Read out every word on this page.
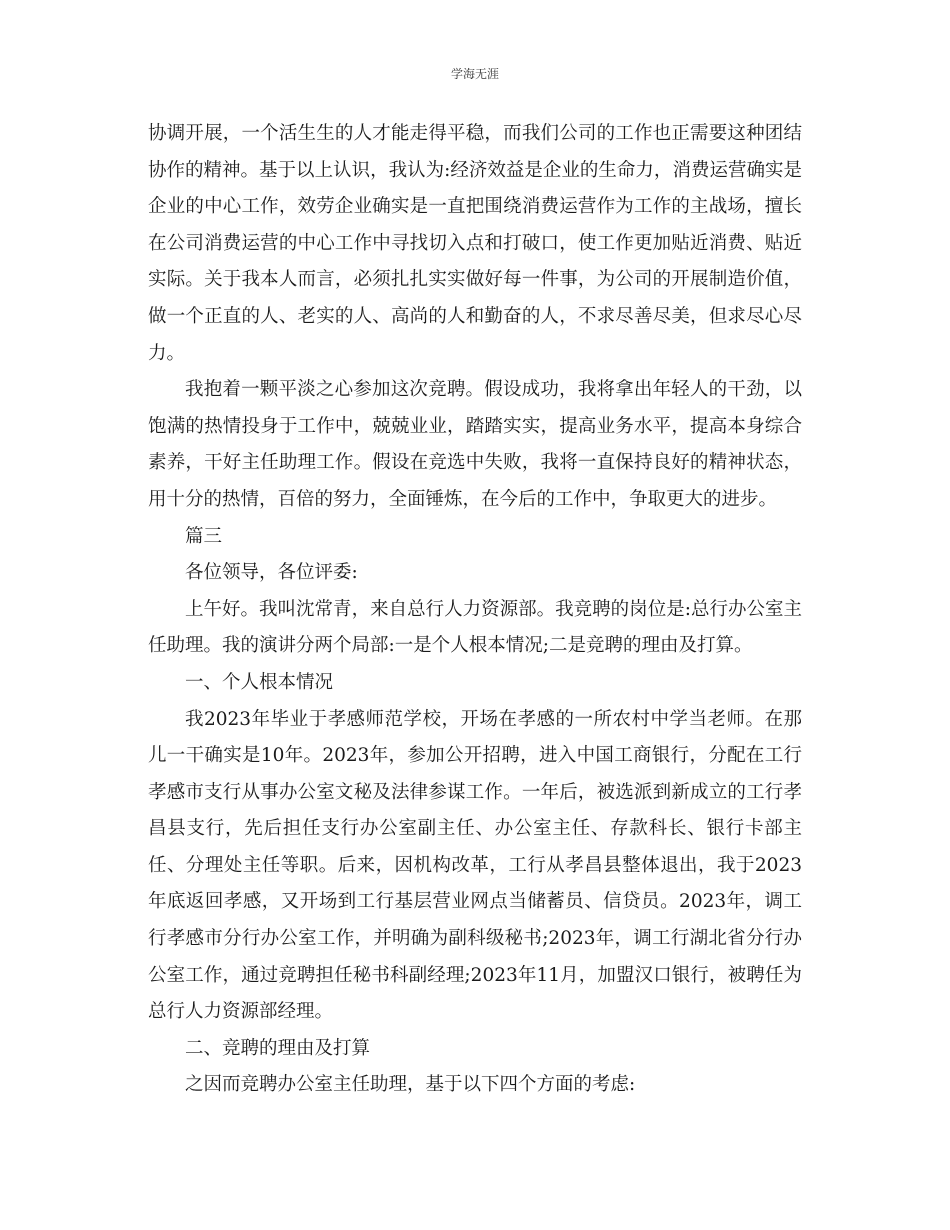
学海无涯

协调开展，一个活生生的人才能走得平稳，而我们公司的工作也正需要这种团结协作的精神。基于以上认识，我认为:经济效益是企业的生命力，消费运营确实是企业的中心工作，效劳企业确实是一直把围绕消费运营作为工作的主战场，擅长在公司消费运营的中心工作中寻找切入点和打破口，使工作更加贴近消费、贴近实际。关于我本人而言，必须扎扎实实做好每一件事，为公司的开展制造价值，做一个正直的人、老实的人、高尚的人和勤奋的人，不求尽善尽美，但求尽心尽力。

我抱着一颗平淡之心参加这次竞聘。假设成功，我将拿出年轻人的干劲，以饱满的热情投身于工作中，兢兢业业，踏踏实实，提高业务水平，提高本身综合素养，干好主任助理工作。假设在竞选中失败，我将一直保持良好的精神状态，用十分的热情，百倍的努力，全面锤炼，在今后的工作中，争取更大的进步。

篇三

各位领导，各位评委:

上午好。我叫沈常青，来自总行人力资源部。我竞聘的岗位是:总行办公室主任助理。我的演讲分两个局部:一是个人根本情况;二是竞聘的理由及打算。

一、个人根本情况

我2023年毕业于孝感师范学校，开场在孝感的一所农村中学当老师。在那儿一干确实是10年。2023年，参加公开招聘，进入中国工商银行，分配在工行孝感市支行从事办公室文秘及法律参谋工作。一年后，被选派到新成立的工行孝昌县支行，先后担任支行办公室副主任、办公室主任、存款科长、银行卡部主任、分理处主任等职。后来，因机构改革，工行从孝昌县整体退出，我于2023年底返回孝感，又开场到工行基层营业网点当储蓄员、信贷员。2023年，调工行孝感市分行办公室工作，并明确为副科级秘书;2023年，调工行湖北省分行办公室工作，通过竞聘担任秘书科副经理;2023年11月，加盟汉口银行，被聘任为总行人力资源部经理。

二、竞聘的理由及打算

之因而竞聘办公室主任助理，基于以下四个方面的考虑:
